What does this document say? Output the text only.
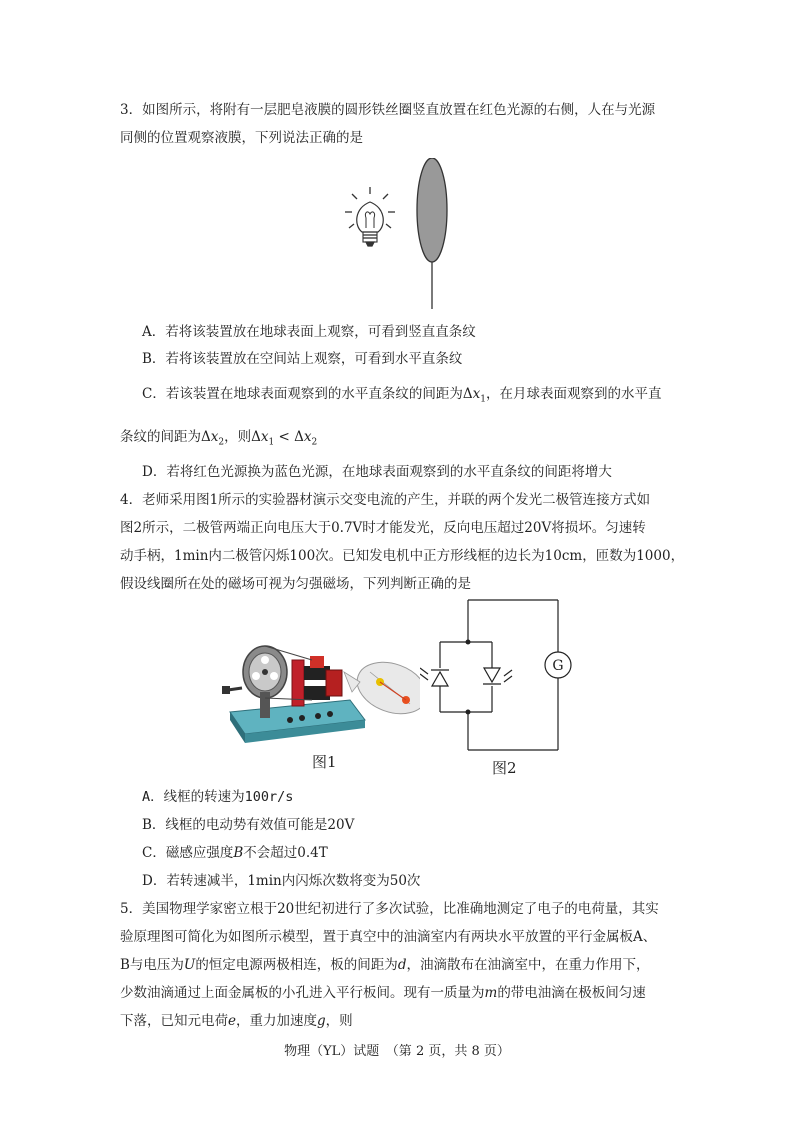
3．如图所示，将附有一层肥皂液膜的圆形铁丝圈竖直放置在红色光源的右侧，人在与光源
同侧的位置观察液膜，下列说法正确的是
A．若将该装置放在地球表面上观察，可看到竖直直条纹
B．若将该装置放在空间站上观察，可看到水平直条纹
C．若该装置在地球表面观察到的水平直条纹的间距为$\Delta x_1$，在月球表面观察到的水平直
条纹的间距为$\Delta x_2$，则$\Delta x_1 < \Delta x_2$
D．若将红色光源换为蓝色光源，在地球表面观察到的水平直条纹的间距将增大
4．老师采用图1所示的实验器材演示交变电流的产生，并联的两个发光二极管连接方式如
图2所示，二极管两端正向电压大于0.7V时才能发光，反向电压超过20V将损坏。匀速转
动手柄，1min内二极管闪烁100次。已知发电机中正方形线框的边长为10cm，匝数为1000，
假设线圈所在处的磁场可视为匀强磁场，下列判断正确的是
图1
G
图2
A．线框的转速为100r/s
B．线框的电动势有效值可能是20V
C．磁感应强度B不会超过0.4T
D．若转速减半，1min内闪烁次数将变为50次
5．美国物理学家密立根于20世纪初进行了多次试验，比准确地测定了电子的电荷量，其实
验原理图可简化为如图所示模型，置于真空中的油滴室内有两块水平放置的平行金属板A、
B与电压为U的恒定电源两极相连，板的间距为d，油滴散布在油滴室中，在重力作用下，
少数油滴通过上面金属板的小孔进入平行板间。现有一质量为m的带电油滴在极板间匀速
下落，已知元电荷e，重力加速度g，则
物理（YL）试题　（第 2 页，共 8 页）
